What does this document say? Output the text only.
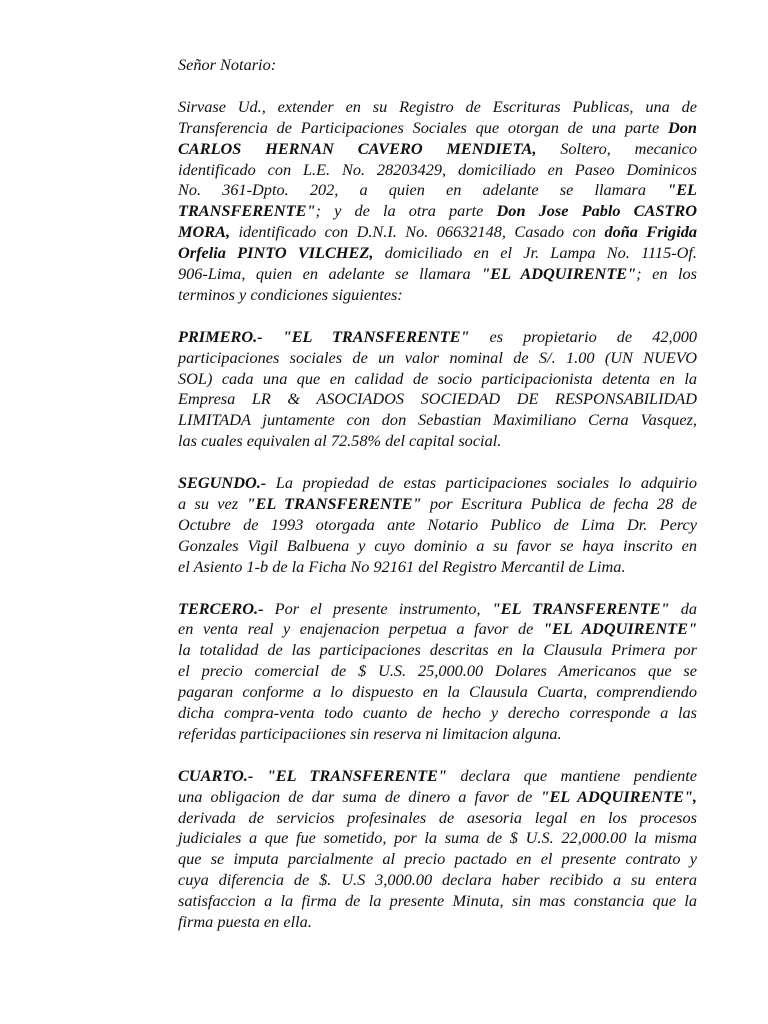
Señor Notario:

Sirvase Ud., extender en su Registro de Escrituras Publicas, una de
Transferencia de Participaciones Sociales que otorgan de una parte Don
CARLOS HERNAN CAVERO MENDIETA, Soltero, mecanico
identificado con L.E. No. 28203429, domiciliado en Paseo Dominicos
No. 361-Dpto. 202, a quien en adelante se llamara "EL
TRANSFERENTE"; y de la otra parte Don Jose Pablo CASTRO
MORA, identificado con D.N.I. No. 06632148, Casado con doña Frigida
Orfelia PINTO VILCHEZ, domiciliado en el Jr. Lampa No. 1115-Of.
906-Lima, quien en adelante se llamara "EL ADQUIRENTE"; en los
terminos y condiciones siguientes:
PRIMERO.- "EL TRANSFERENTE" es propietario de 42,000
participaciones sociales de un valor nominal de S/. 1.00 (UN NUEVO
SOL) cada una que en calidad de socio participacionista detenta en la
Empresa LR & ASOCIADOS SOCIEDAD DE RESPONSABILIDAD
LIMITADA juntamente con don Sebastian Maximiliano Cerna Vasquez,
las cuales equivalen al 72.58% del capital social.
SEGUNDO.- La propiedad de estas participaciones sociales lo adquirio
a su vez "EL TRANSFERENTE" por Escritura Publica de fecha 28 de
Octubre de 1993 otorgada ante Notario Publico de Lima Dr. Percy
Gonzales Vigil Balbuena y cuyo dominio a su favor se haya inscrito en
el Asiento 1-b de la Ficha No 92161 del Registro Mercantil de Lima.
TERCERO.- Por el presente instrumento, "EL TRANSFERENTE" da
en venta real y enajenacion perpetua a favor de "EL ADQUIRENTE"
la totalidad de las participaciones descritas en la Clausula Primera por
el precio comercial de $ U.S. 25,000.00 Dolares Americanos que se
pagaran conforme a lo dispuesto en la Clausula Cuarta, comprendiendo
dicha compra-venta todo cuanto de hecho y derecho corresponde a las
referidas participaciiones sin reserva ni limitacion alguna.
CUARTO.- "EL TRANSFERENTE" declara que mantiene pendiente
una obligacion de dar suma de dinero a favor de "EL ADQUIRENTE",
derivada de servicios profesinales de asesoria legal en los procesos
judiciales a que fue sometido, por la suma de $ U.S. 22,000.00 la misma
que se imputa parcialmente al precio pactado en el presente contrato y
cuya diferencia de $. U.S 3,000.00 declara haber recibido a su entera
satisfaccion a la firma de la presente Minuta, sin mas constancia que la
firma puesta en ella.
